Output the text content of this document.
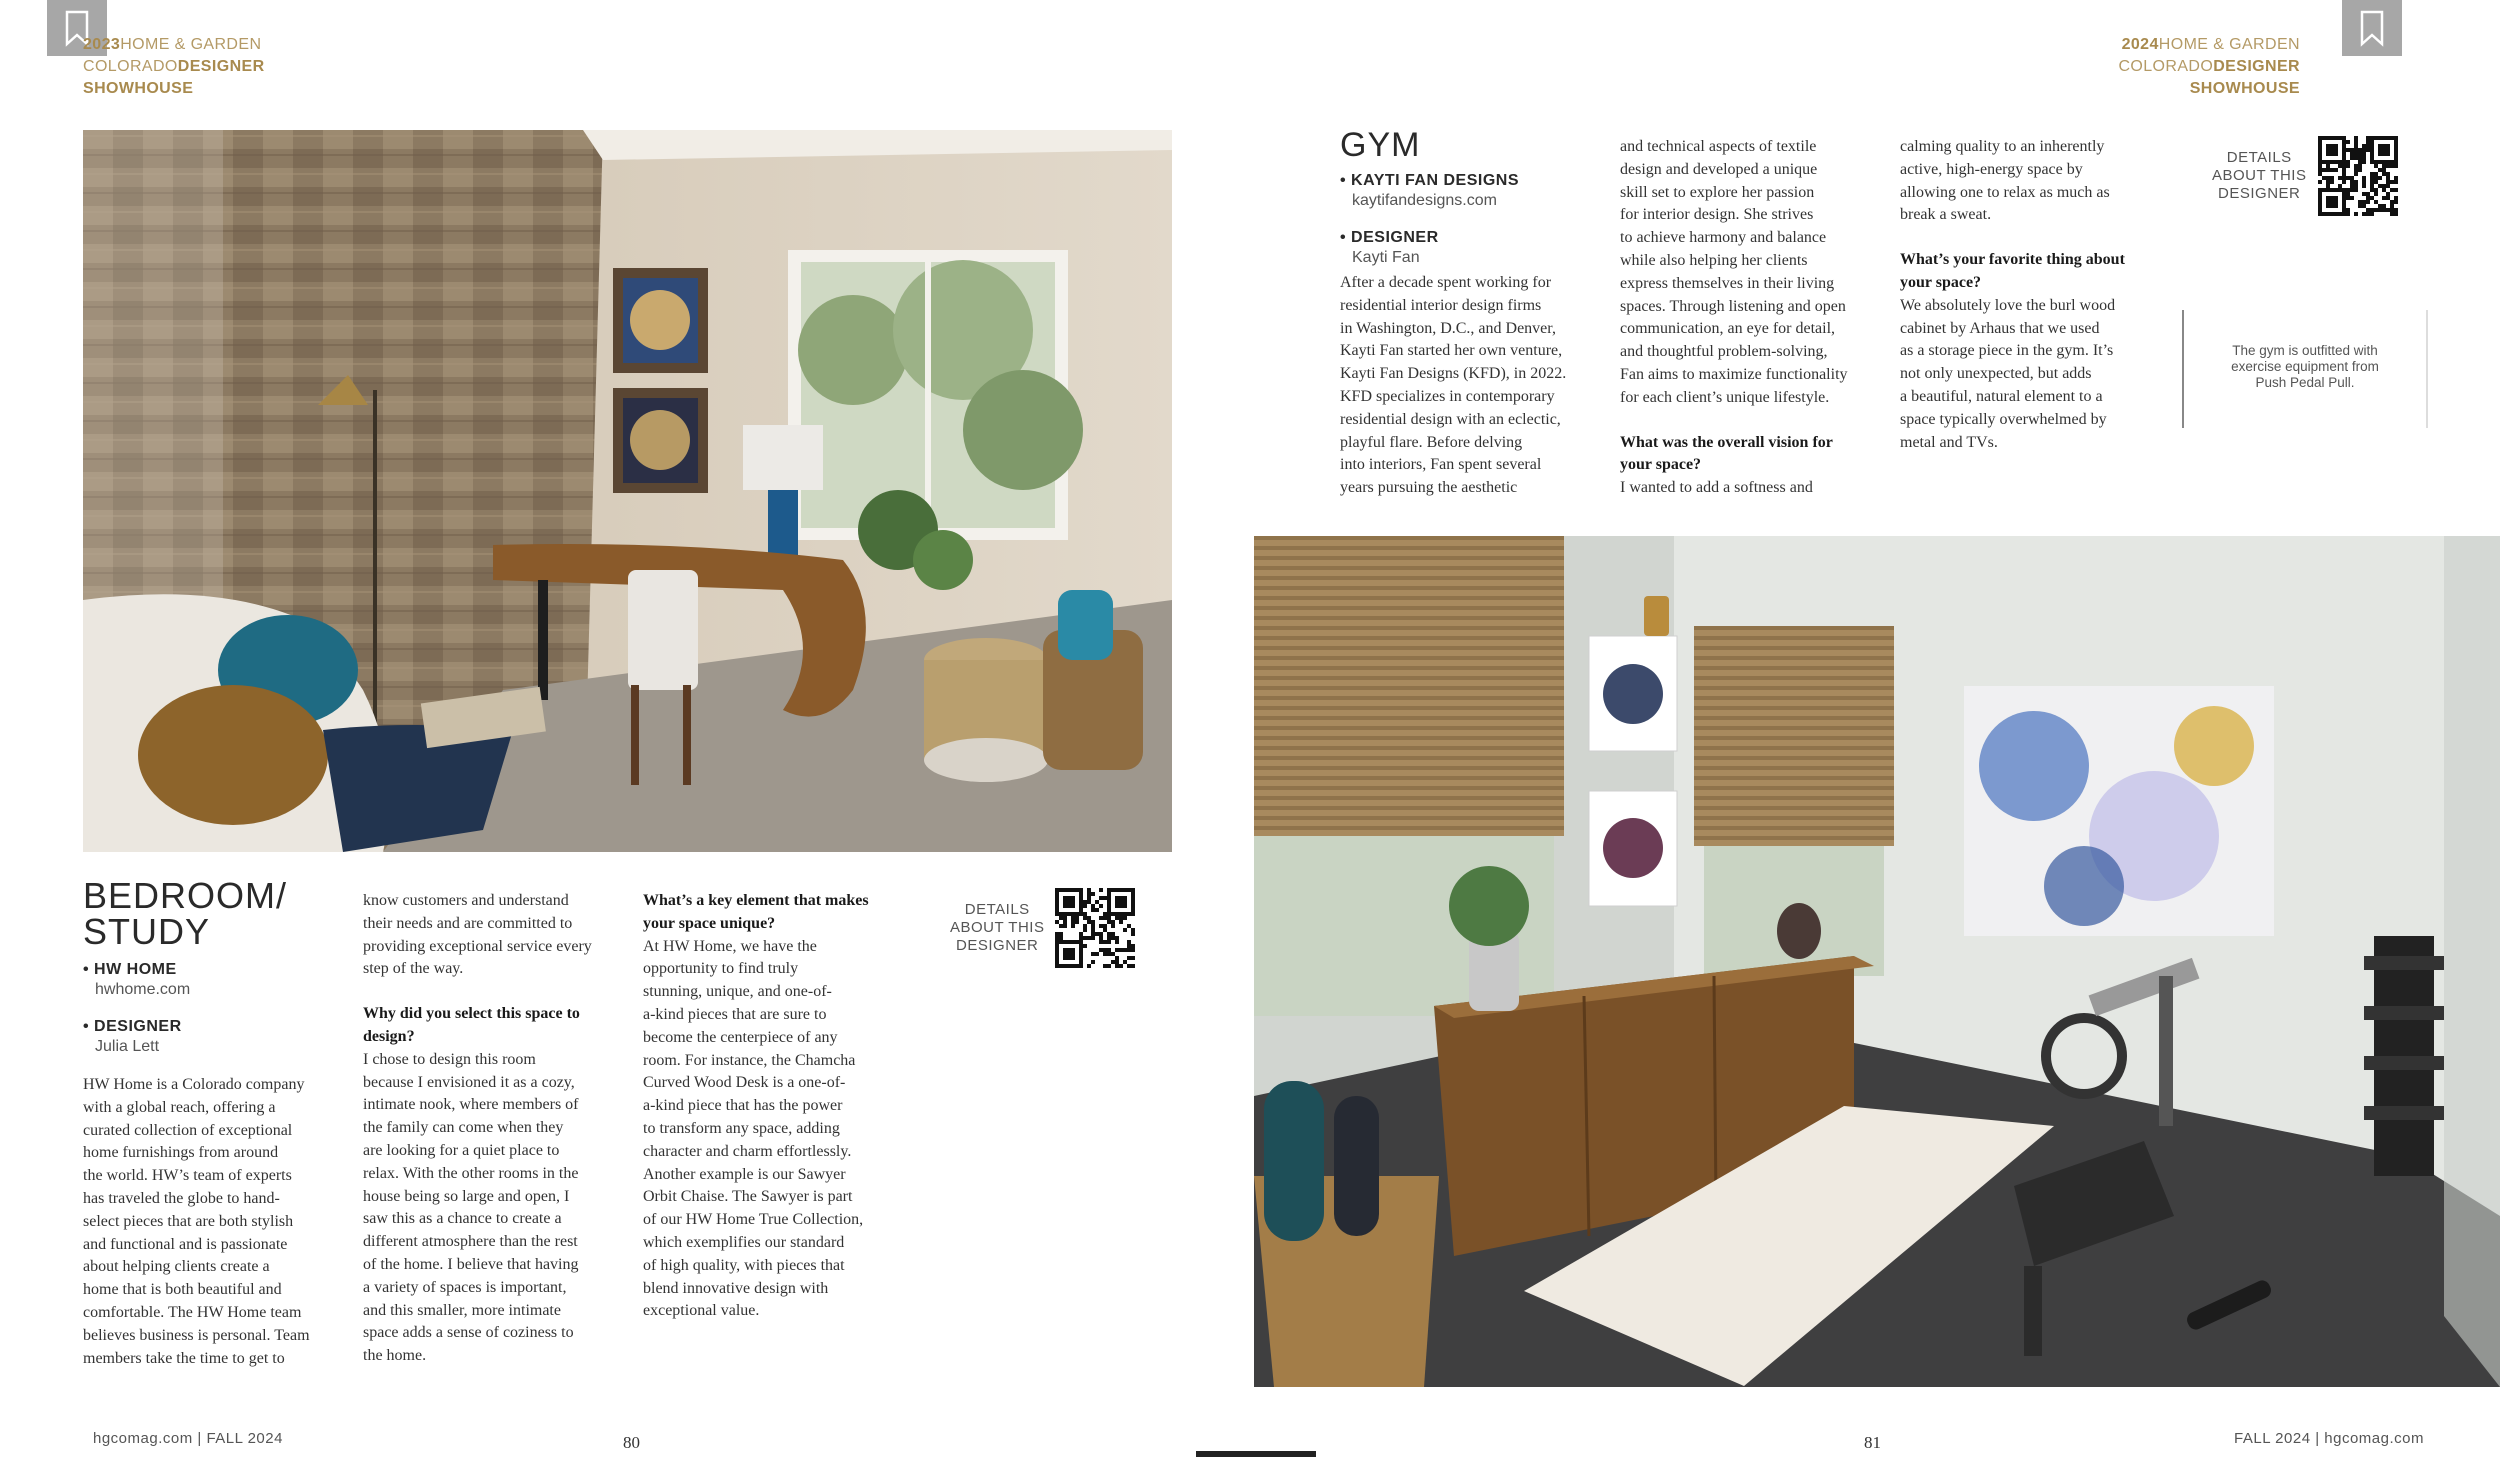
2023HOME & GARDEN
COLORADODESIGNER
SHOWHOUSE
2024HOME & GARDEN
COLORADODESIGNER
SHOWHOUSE
BEDROOM/
STUDY
• HW HOME
hwhome.com
• DESIGNER
Julia Lett
HW Home is a Colorado company
with a global reach, offering a
curated collection of exceptional
home furnishings from around
the world. HW’s team of experts
has traveled the globe to hand-
select pieces that are both stylish
and functional and is passionate
about helping clients create a
home that is both beautiful and
comfortable. The HW Home team
believes business is personal. Team
members take the time to get to
know customers and understand
their needs and are committed to
providing exceptional service every
step of the way.
Why did you select this space to
design?
I chose to design this room
because I envisioned it as a cozy,
intimate nook, where members of
the family can come when they
are looking for a quiet place to
relax. With the other rooms in the
house being so large and open, I
saw this as a chance to create a
different atmosphere than the rest
of the home. I believe that having
a variety of spaces is important,
and this smaller, more intimate
space adds a sense of coziness to
the home.
What’s a key element that makes
your space unique?
At HW Home, we have the
opportunity to find truly
stunning, unique, and one-of-
a-kind pieces that are sure to
become the centerpiece of any
room. For instance, the Chamcha
Curved Wood Desk is a one-of-
a-kind piece that has the power
to transform any space, adding
character and charm effortlessly.
Another example is our Sawyer
Orbit Chaise. The Sawyer is part
of our HW Home True Collection,
which exemplifies our standard
of high quality, with pieces that
blend innovative design with
exceptional value.
DETAILS
ABOUT THIS
DESIGNER
GYM
• KAYTI FAN DESIGNS
kaytifandesigns.com
• DESIGNER
Kayti Fan
After a decade spent working for
residential interior design firms
in Washington, D.C., and Denver,
Kayti Fan started her own venture,
Kayti Fan Designs (KFD), in 2022.
KFD specializes in contemporary
residential design with an eclectic,
playful flare. Before delving
into interiors, Fan spent several
years pursuing the aesthetic
and technical aspects of textile
design and developed a unique
skill set to explore her passion
for interior design. She strives
to achieve harmony and balance
while also helping her clients
express themselves in their living
spaces. Through listening and open
communication, an eye for detail,
and thoughtful problem-solving,
Fan aims to maximize functionality
for each client’s unique lifestyle.
What was the overall vision for
your space?
I wanted to add a softness and
calming quality to an inherently
active, high-energy space by
allowing one to relax as much as
break a sweat.
What’s your favorite thing about
your space?
We absolutely love the burl wood
cabinet by Arhaus that we used
as a storage piece in the gym. It’s
not only unexpected, but adds
a beautiful, natural element to a
space typically overwhelmed by
metal and TVs.
DETAILS
ABOUT THIS
DESIGNER
The gym is outfitted with
exercise equipment from
Push Pedal Pull.
hgcomag.com | FALL 2024	80	81	FALL 2024 | hgcomag.com
